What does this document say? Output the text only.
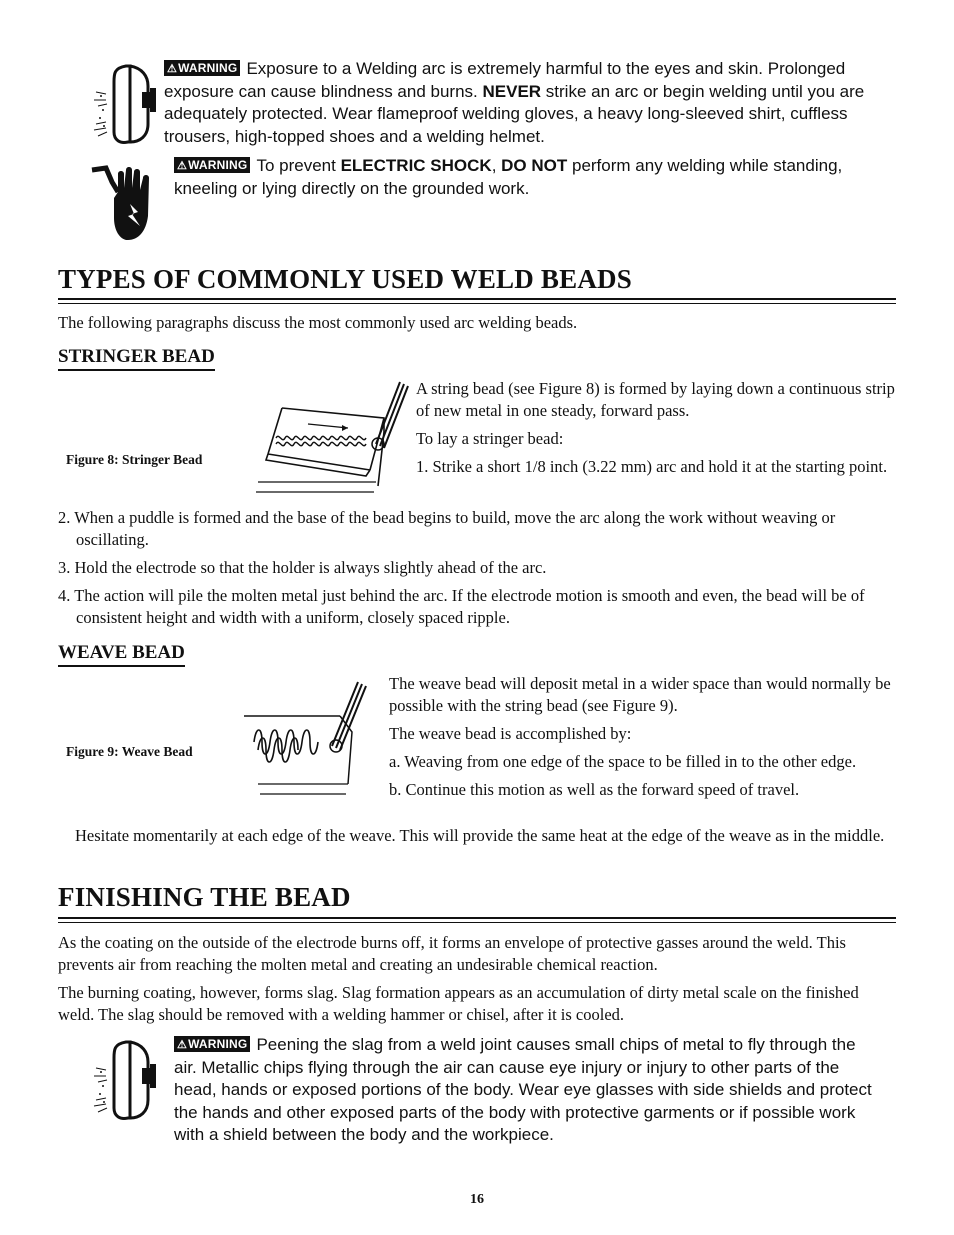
⚠WARNING Exposure to a Welding arc is extremely harmful to the eyes and skin. Prolonged exposure can cause blindness and burns. NEVER strike an arc or begin welding until you are adequately protected. Wear flameproof welding gloves, a heavy long-sleeved shirt, cuffless trousers, high-topped shoes and a welding helmet.
⚠WARNING To prevent ELECTRIC SHOCK, DO NOT perform any welding while standing, kneeling or lying directly on the grounded work.
TYPES OF COMMONLY USED WELD BEADS

The following paragraphs discuss the most commonly used arc welding beads.

STRINGER BEAD
Figure 8: Stringer Bead

A string bead (see Figure 8) is formed by laying down a continuous strip of new metal in one steady, forward pass.

To lay a stringer bead:

1. Strike a short 1/8 inch (3.22 mm) arc and hold it at the starting point.

2. When a puddle is formed and the base of the bead begins to build, move the arc along the work without weaving or oscillating.

3. Hold the electrode so that the holder is always slightly ahead of the arc.

4. The action will pile the molten metal just behind the arc. If the electrode motion is smooth and even, the bead will be of consistent height and width with a uniform, closely spaced ripple.

WEAVE BEAD
Figure 9: Weave Bead

The weave bead will deposit metal in a wider space than would normally be possible with the string bead (see Figure 9).

The weave bead is accomplished by:

a. Weaving from one edge of the space to be filled in to the other edge.

b. Continue this motion as well as the forward speed of travel.

Hesitate momentarily at each edge of the weave. This will provide the same heat at the edge of the weave as in the middle.

FINISHING THE BEAD

As the coating on the outside of the electrode burns off, it forms an envelope of protective gasses around the weld. This prevents air from reaching the molten metal and creating an undesirable chemical reaction.

The burning coating, however, forms slag. Slag formation appears as an accumulation of dirty metal scale on the finished weld. The slag should be removed with a welding hammer or chisel, after it is cooled.

⚠WARNING Peening the slag from a weld joint causes small chips of metal to fly through the air. Metallic chips flying through the air can cause eye injury or injury to other parts of the head, hands or exposed portions of the body. Wear eye glasses with side shields and protect the hands and other exposed parts of the body with protective garments or if possible work with a shield between the body and the workpiece.
16
